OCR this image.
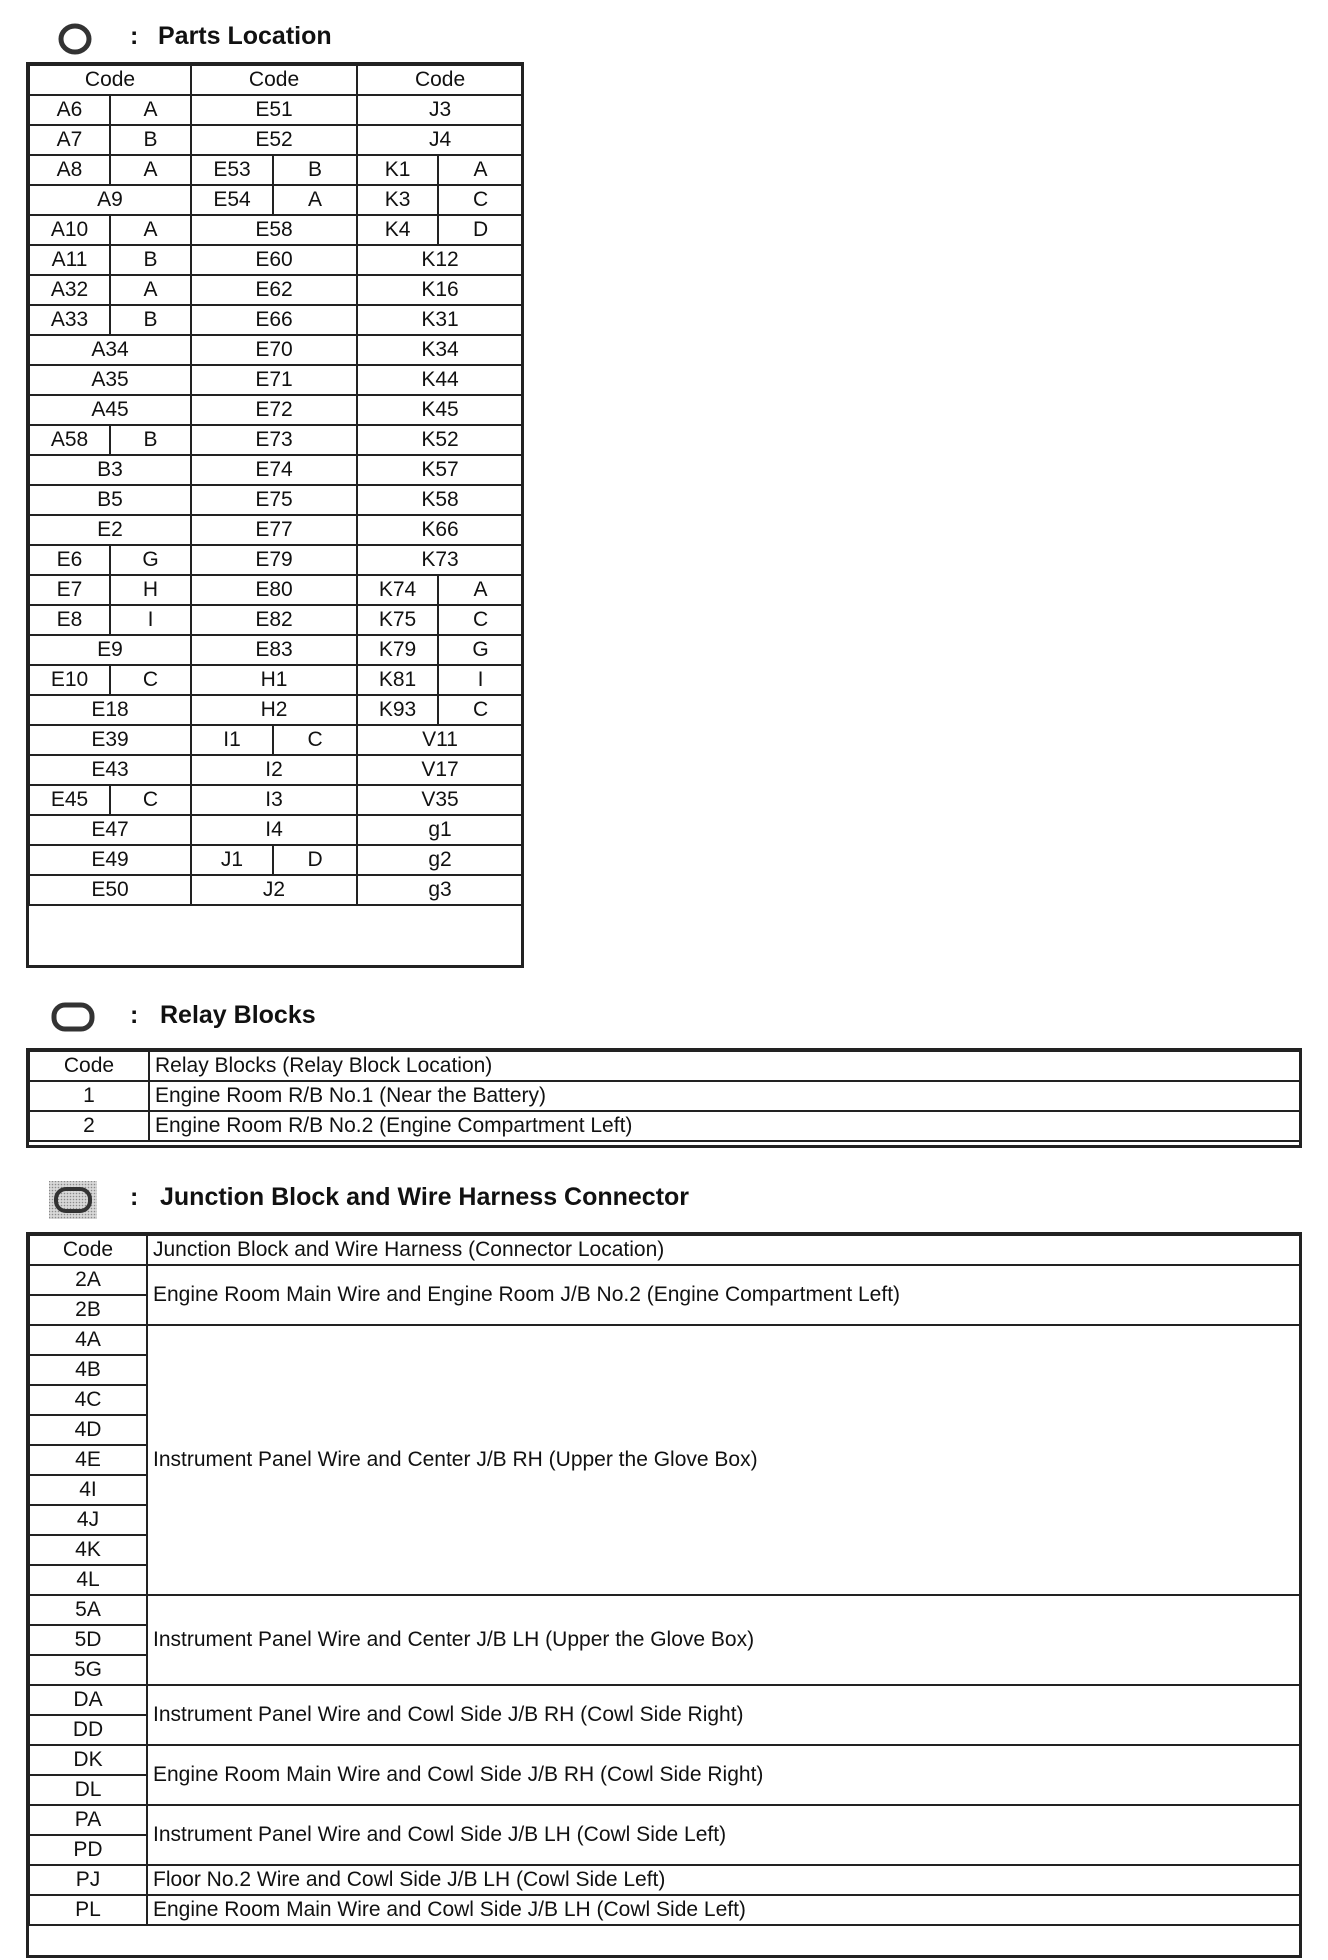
: Parts Location
Code		Code		Code	
A6	A	E51		J3	
A7	B	E52		J4	
A8	A	E53	B	K1	A
A9		E54	A	K3	C
A10	A	E58		K4	D
A11	B	E60		K12	
A32	A	E62		K16	
A33	B	E66		K31	
A34		E70		K34	
A35		E71		K44	
A45		E72		K45	
A58	B	E73		K52	
B3		E74		K57	
B5		E75		K58	
E2		E77		K66	
E6	G	E79		K73	
E7	H	E80		K74	A
E8	I	E82		K75	C
E9		E83		K79	G
E10	C	H1		K81	I
E18		H2		K93	C
E39		I1	C	V11	
E43		I2		V17	
E45	C	I3		V35	
E47		I4		g1	
E49		J1	D	g2	
E50		J2		g3	
: Relay Blocks
Code	Relay Blocks (Relay Block Location)
1	Engine Room R/B No.1 (Near the Battery)
2	Engine Room R/B No.2 (Engine Compartment Left)
: Junction Block and Wire Harness Connector
Code	Junction Block and Wire Harness (Connector Location)
2A	Engine Room Main Wire and Engine Room J/B No.2 (Engine Compartment Left)
2B	
4A	Instrument Panel Wire and Center J/B RH (Upper the Glove Box)
4B	
4C	
4D	
4E	
4I	
4J	
4K	
4L	
5A	Instrument Panel Wire and Center J/B LH (Upper the Glove Box)
5D	
5G	
DA	Instrument Panel Wire and Cowl Side J/B RH (Cowl Side Right)
DD	
DK	Engine Room Main Wire and Cowl Side J/B RH (Cowl Side Right)
DL	
PA	Instrument Panel Wire and Cowl Side J/B LH (Cowl Side Left)
PD	
PJ	Floor No.2 Wire and Cowl Side J/B LH (Cowl Side Left)
PL	Engine Room Main Wire and Cowl Side J/B LH (Cowl Side Left)
